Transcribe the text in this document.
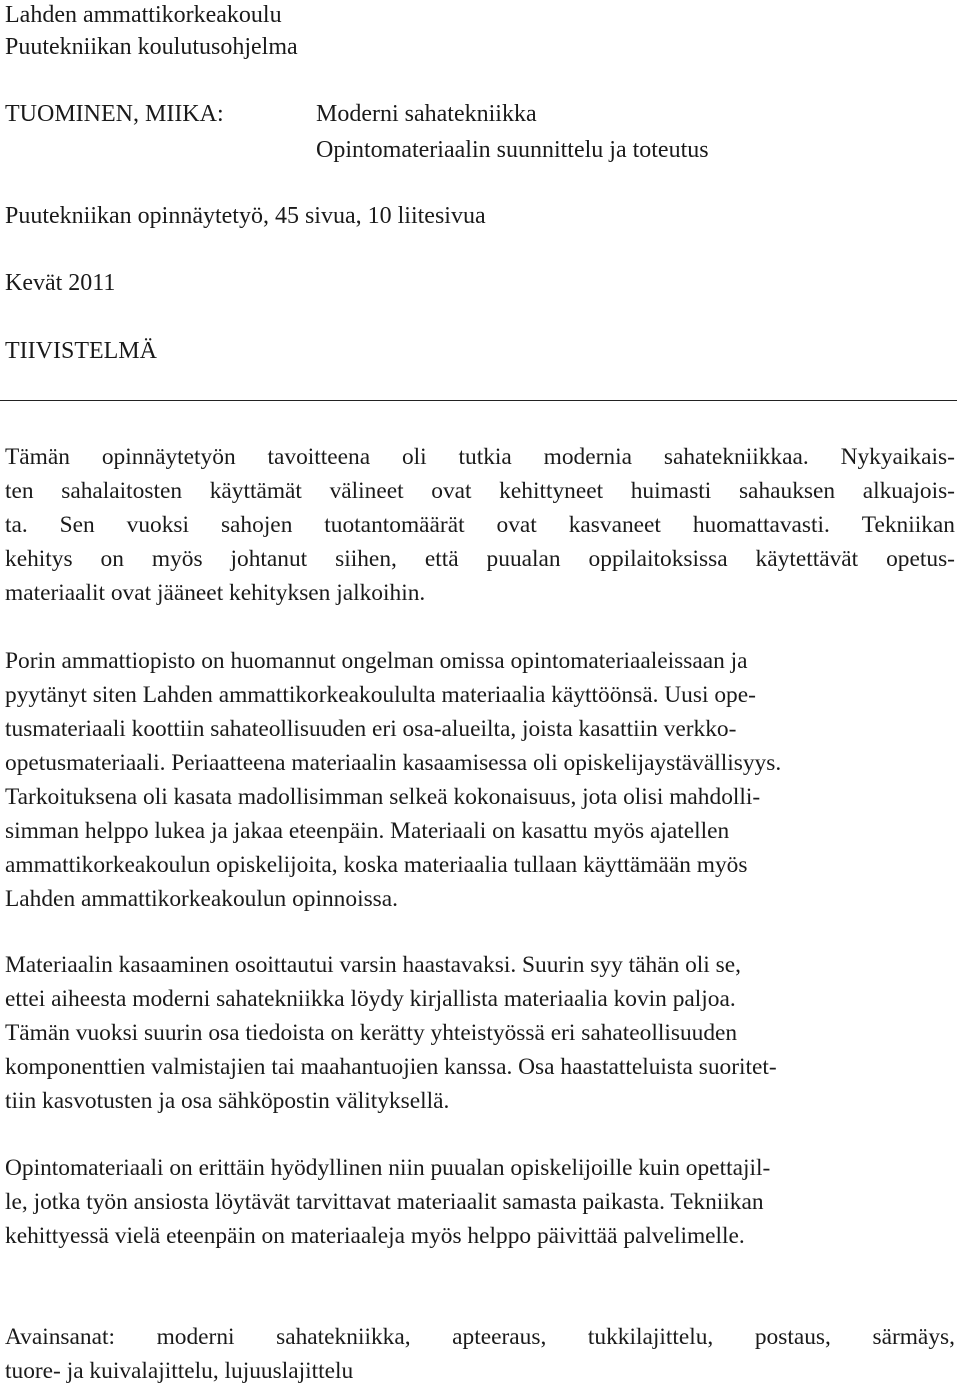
Lahden ammattikorkeakoulu
Puutekniikan koulutusohjelma
TUOMINEN, MIIKA:	Moderni sahatekniikka
Opintomateriaalin suunnittelu ja toteutus
Puutekniikan opinnäytetyö, 45 sivua, 10 liitesivua
Kevät 2011
TIIVISTELMÄ
Tämän opinnäytetyön tavoitteena oli tutkia modernia sahatekniikkaa. Nykyaikais-
ten sahalaitosten käyttämät välineet ovat kehittyneet huimasti sahauksen alkuajois-
ta. Sen vuoksi sahojen tuotantomäärät ovat kasvaneet huomattavasti. Tekniikan
kehitys on myös johtanut siihen, että puualan oppilaitoksissa käytettävät opetus-
materiaalit ovat jääneet kehityksen jalkoihin.
Porin ammattiopisto on huomannut ongelman omissa opintomateriaaleissaan ja
pyytänyt siten Lahden ammattikorkeakoululta materiaalia käyttöönsä. Uusi ope-
tusmateriaali koottiin sahateollisuuden eri osa-alueilta, joista kasattiin verkko-
opetusmateriaali. Periaatteena materiaalin kasaamisessa oli opiskelijaystävällisyys.
Tarkoituksena oli kasata madollisimman selkeä kokonaisuus, jota olisi mahdolli-
simman helppo lukea ja jakaa eteenpäin. Materiaali on kasattu myös ajatellen
ammattikorkeakoulun opiskelijoita, koska materiaalia tullaan käyttämään myös
Lahden ammattikorkeakoulun opinnoissa.
Materiaalin kasaaminen osoittautui varsin haastavaksi. Suurin syy tähän oli se,
ettei aiheesta moderni sahatekniikka löydy kirjallista materiaalia kovin paljoa.
Tämän vuoksi suurin osa tiedoista on kerätty yhteistyössä eri sahateollisuuden
komponenttien valmistajien tai maahantuojien kanssa. Osa haastatteluista suoritet-
tiin kasvotusten ja osa sähköpostin välityksellä.
Opintomateriaali on erittäin hyödyllinen niin puualan opiskelijoille kuin opettajil-
le, jotka työn ansiosta löytävät tarvittavat materiaalit samasta paikasta. Tekniikan
kehittyessä vielä eteenpäin on materiaaleja myös helppo päivittää palvelimelle.
Avainsanat: moderni sahatekniikka, apteeraus, tukkilajittelu, postaus, särmäys,
tuore- ja kuivalajittelu, lujuuslajittelu
